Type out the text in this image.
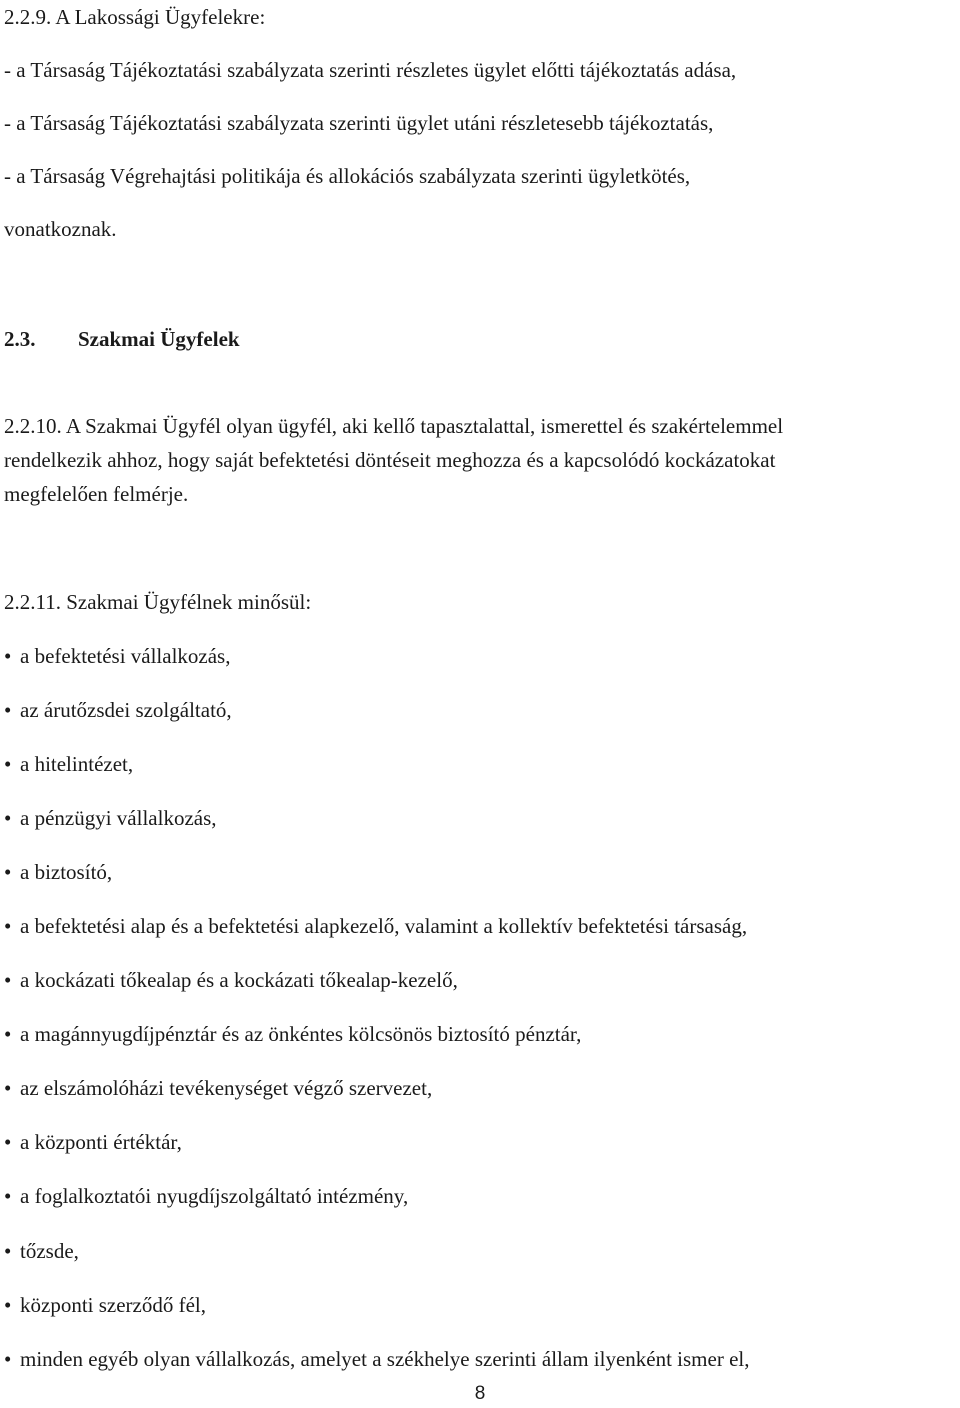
2.2.9. A Lakossági Ügyfelekre:
- a Társaság Tájékoztatási szabályzata szerinti részletes ügylet előtti tájékoztatás adása,
- a Társaság Tájékoztatási szabályzata szerinti ügylet utáni részletesebb tájékoztatás,
- a Társaság Végrehajtási politikája és allokációs szabályzata szerinti ügyletkötés,
vonatkoznak.
2.3. Szakmai Ügyfelek
2.2.10. A Szakmai Ügyfél olyan ügyfél, aki kellő tapasztalattal, ismerettel és szakértelemmel
rendelkezik ahhoz, hogy saját befektetési döntéseit meghozza és a kapcsolódó kockázatokat
megfelelően felmérje.
2.2.11. Szakmai Ügyfélnek minősül:
• a befektetési vállalkozás,
• az árutőzsdei szolgáltató,
• a hitelintézet,
• a pénzügyi vállalkozás,
• a biztosító,
• a befektetési alap és a befektetési alapkezelő, valamint a kollektív befektetési társaság,
• a kockázati tőkealap és a kockázati tőkealap-kezelő,
• a magánnyugdíjpénztár és az önkéntes kölcsönös biztosító pénztár,
• az elszámolóházi tevékenységet végző szervezet,
• a központi értéktár,
• a foglalkoztatói nyugdíjszolgáltató intézmény,
• tőzsde,
• központi szerződő fél,
• minden egyéb olyan vállalkozás, amelyet a székhelye szerinti állam ilyenként ismer el,
8
